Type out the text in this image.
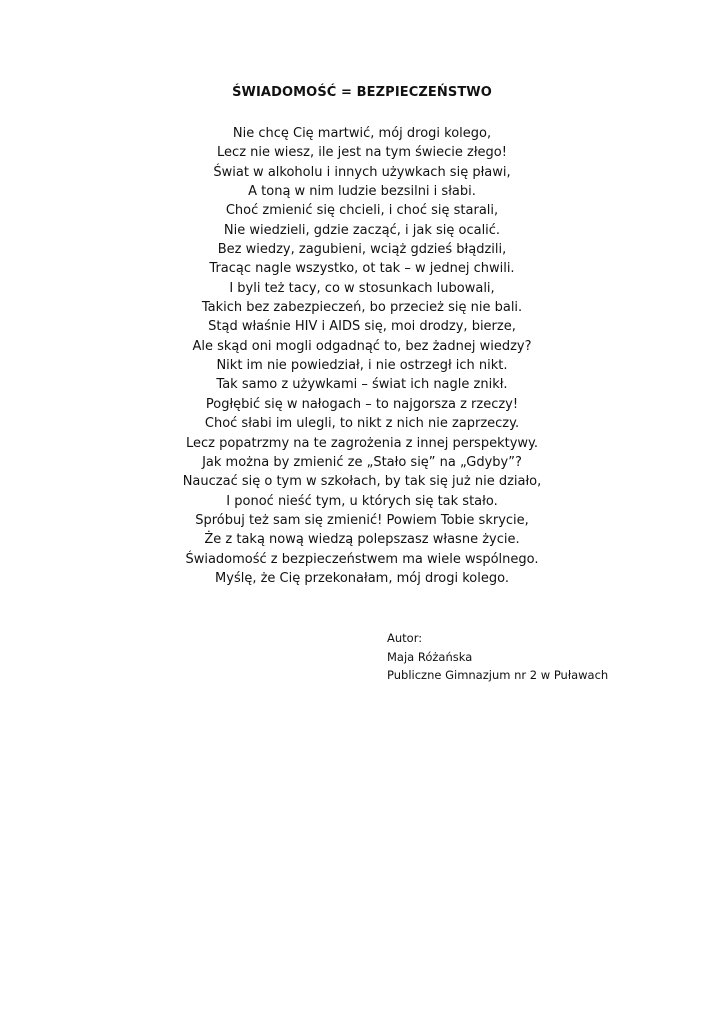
ŚWIADOMOŚĆ = BEZPIECZEŃSTWO
Nie chcę Cię martwić, mój drogi kolego,
Lecz nie wiesz, ile jest na tym świecie złego!
Świat w alkoholu i innych używkach się pławi,
A toną w nim ludzie bezsilni i słabi.
Choć zmienić się chcieli, i choć się starali,
Nie wiedzieli, gdzie zacząć, i jak się ocalić.
Bez wiedzy, zagubieni, wciąż gdzieś błądzili,
Tracąc nagle wszystko, ot tak – w jednej chwili.
I byli też tacy, co w stosunkach lubowali,
Takich bez zabezpieczeń, bo przecież się nie bali.
Stąd właśnie HIV i AIDS się, moi drodzy, bierze,
Ale skąd oni mogli odgadnąć to, bez żadnej wiedzy?
Nikt im nie powiedział, i nie ostrzegł ich nikt.
Tak samo z używkami – świat ich nagle znikł.
Pogłębić się w nałogach – to najgorsza z rzeczy!
Choć słabi im ulegli, to nikt z nich nie zaprzeczy.
Lecz popatrzmy na te zagrożenia z innej perspektywy.
Jak można by zmienić ze „Stało się” na „Gdyby”?
Nauczać się o tym w szkołach, by tak się już nie działo,
I ponoć nieść tym, u których się tak stało.
Spróbuj też sam się zmienić! Powiem Tobie skrycie,
Że z taką nową wiedzą polepszasz własne życie.
Świadomość z bezpieczeństwem ma wiele wspólnego.
Myślę, że Cię przekonałam, mój drogi kolego.
Autor:
Maja Różańska
Publiczne Gimnazjum nr 2 w Puławach
